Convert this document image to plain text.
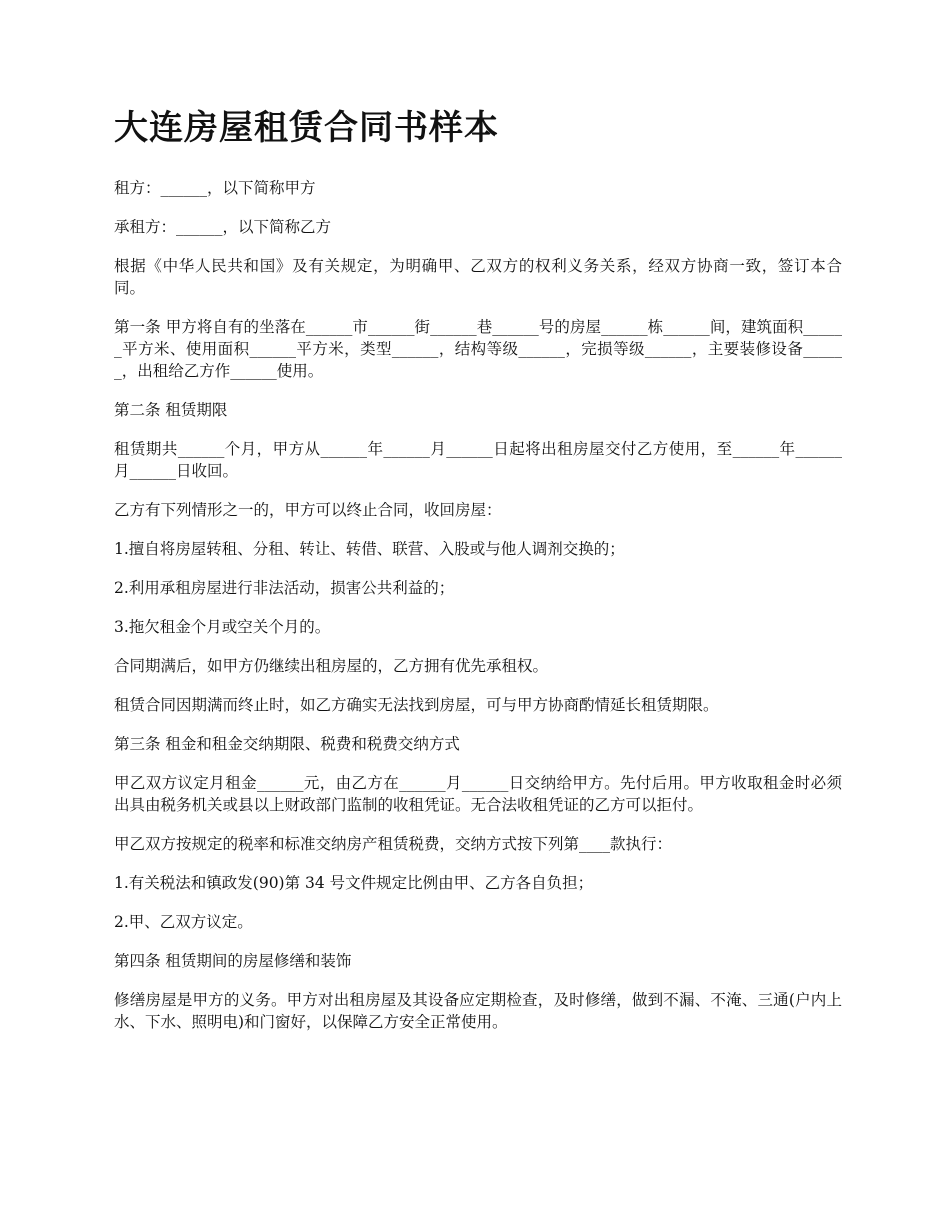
大连房屋租赁合同书样本

租方：______，以下简称甲方

承租方：______，以下简称乙方

根据《中华人民共和国》及有关规定，为明确甲、乙双方的权利义务关系，经双方协商一致，签订本合同。

第一条 甲方将自有的坐落在______市______街______巷______号的房屋______栋______间，建筑面积______平方米、使用面积______平方米，类型______，结构等级______，完损等级______，主要装修设备______，出租给乙方作______使用。

第二条 租赁期限

租赁期共______个月，甲方从______年______月______日起将出租房屋交付乙方使用，至______年______月______日收回。

乙方有下列情形之一的，甲方可以终止合同，收回房屋：

1.擅自将房屋转租、分租、转让、转借、联营、入股或与他人调剂交换的；

2.利用承租房屋进行非法活动，损害公共利益的；

3.拖欠租金个月或空关个月的。

合同期满后，如甲方仍继续出租房屋的，乙方拥有优先承租权。

租赁合同因期满而终止时，如乙方确实无法找到房屋，可与甲方协商酌情延长租赁期限。

第三条 租金和租金交纳期限、税费和税费交纳方式

甲乙双方议定月租金______元，由乙方在______月______日交纳给甲方。先付后用。甲方收取租金时必须出具由税务机关或县以上财政部门监制的收租凭证。无合法收租凭证的乙方可以拒付。

甲乙双方按规定的税率和标准交纳房产租赁税费，交纳方式按下列第____款执行：

1.有关税法和镇政发(90)第 34 号文件规定比例由甲、乙方各自负担；

2.甲、乙双方议定。

第四条 租赁期间的房屋修缮和装饰

修缮房屋是甲方的义务。甲方对出租房屋及其设备应定期检查，及时修缮，做到不漏、不淹、三通(户内上水、下水、照明电)和门窗好，以保障乙方安全正常使用。
